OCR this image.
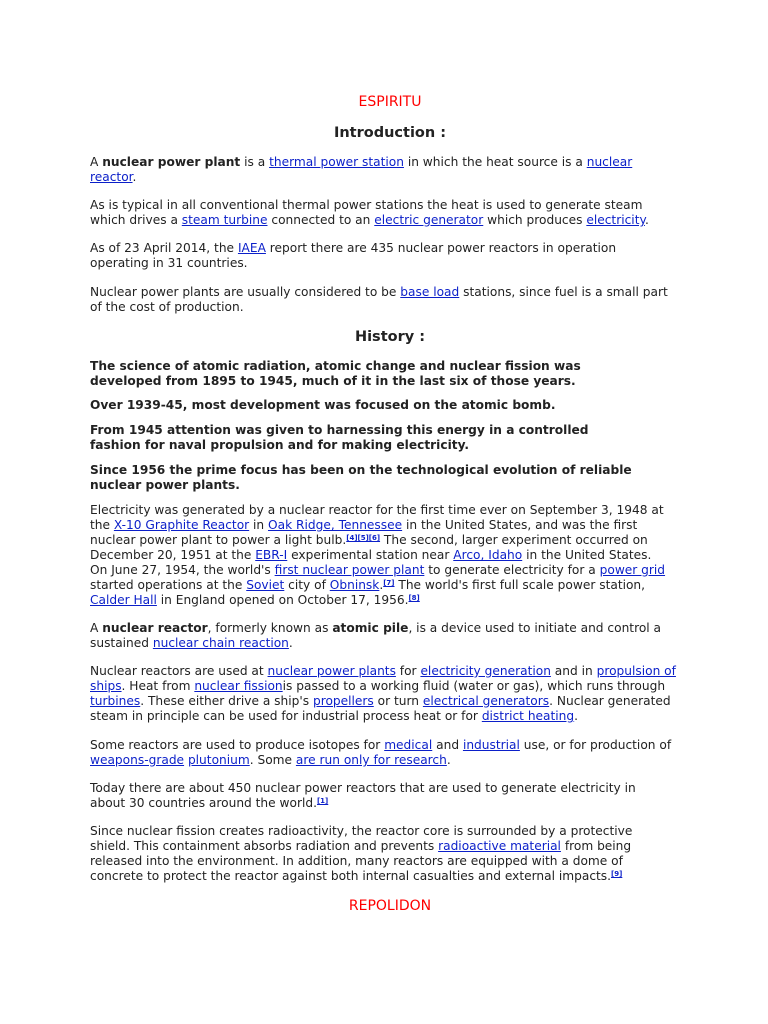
ESPIRITU

Introduction :

A nuclear power plant is a thermal power station in which the heat source is a nuclear reactor.

As is typical in all conventional thermal power stations the heat is used to generate steam which drives a steam turbine connected to an electric generator which produces electricity.

As of 23 April 2014, the IAEA report there are 435 nuclear power reactors in operation operating in 31 countries.

Nuclear power plants are usually considered to be base load stations, since fuel is a small part of the cost of production.

History :

The science of atomic radiation, atomic change and nuclear fission was developed from 1895 to 1945, much of it in the last six of those years.

Over 1939-45, most development was focused on the atomic bomb.

From 1945 attention was given to harnessing this energy in a controlled fashion for naval propulsion and for making electricity.

Since 1956 the prime focus has been on the technological evolution of reliable nuclear power plants.

Electricity was generated by a nuclear reactor for the first time ever on September 3, 1948 at the X-10 Graphite Reactor in Oak Ridge, Tennessee in the United States, and was the first nuclear power plant to power a light bulb.[4][5][6] The second, larger experiment occurred on December 20, 1951 at the EBR-I experimental station near Arco, Idaho in the United States. On June 27, 1954, the world's first nuclear power plant to generate electricity for a power grid started operations at the Soviet city of Obninsk.[7] The world's first full scale power station, Calder Hall in England opened on October 17, 1956.[8]

A nuclear reactor, formerly known as atomic pile, is a device used to initiate and control a sustained nuclear chain reaction.

Nuclear reactors are used at nuclear power plants for electricity generation and in propulsion of ships. Heat from nuclear fissionis passed to a working fluid (water or gas), which runs through turbines. These either drive a ship's propellers or turn electrical generators. Nuclear generated steam in principle can be used for industrial process heat or for district heating.

Some reactors are used to produce isotopes for medical and industrial use, or for production of weapons-grade plutonium. Some are run only for research.

Today there are about 450 nuclear power reactors that are used to generate electricity in about 30 countries around the world.[1]

Since nuclear fission creates radioactivity, the reactor core is surrounded by a protective shield. This containment absorbs radiation and prevents radioactive material from being released into the environment. In addition, many reactors are equipped with a dome of concrete to protect the reactor against both internal casualties and external impacts.[9]

REPOLIDON
